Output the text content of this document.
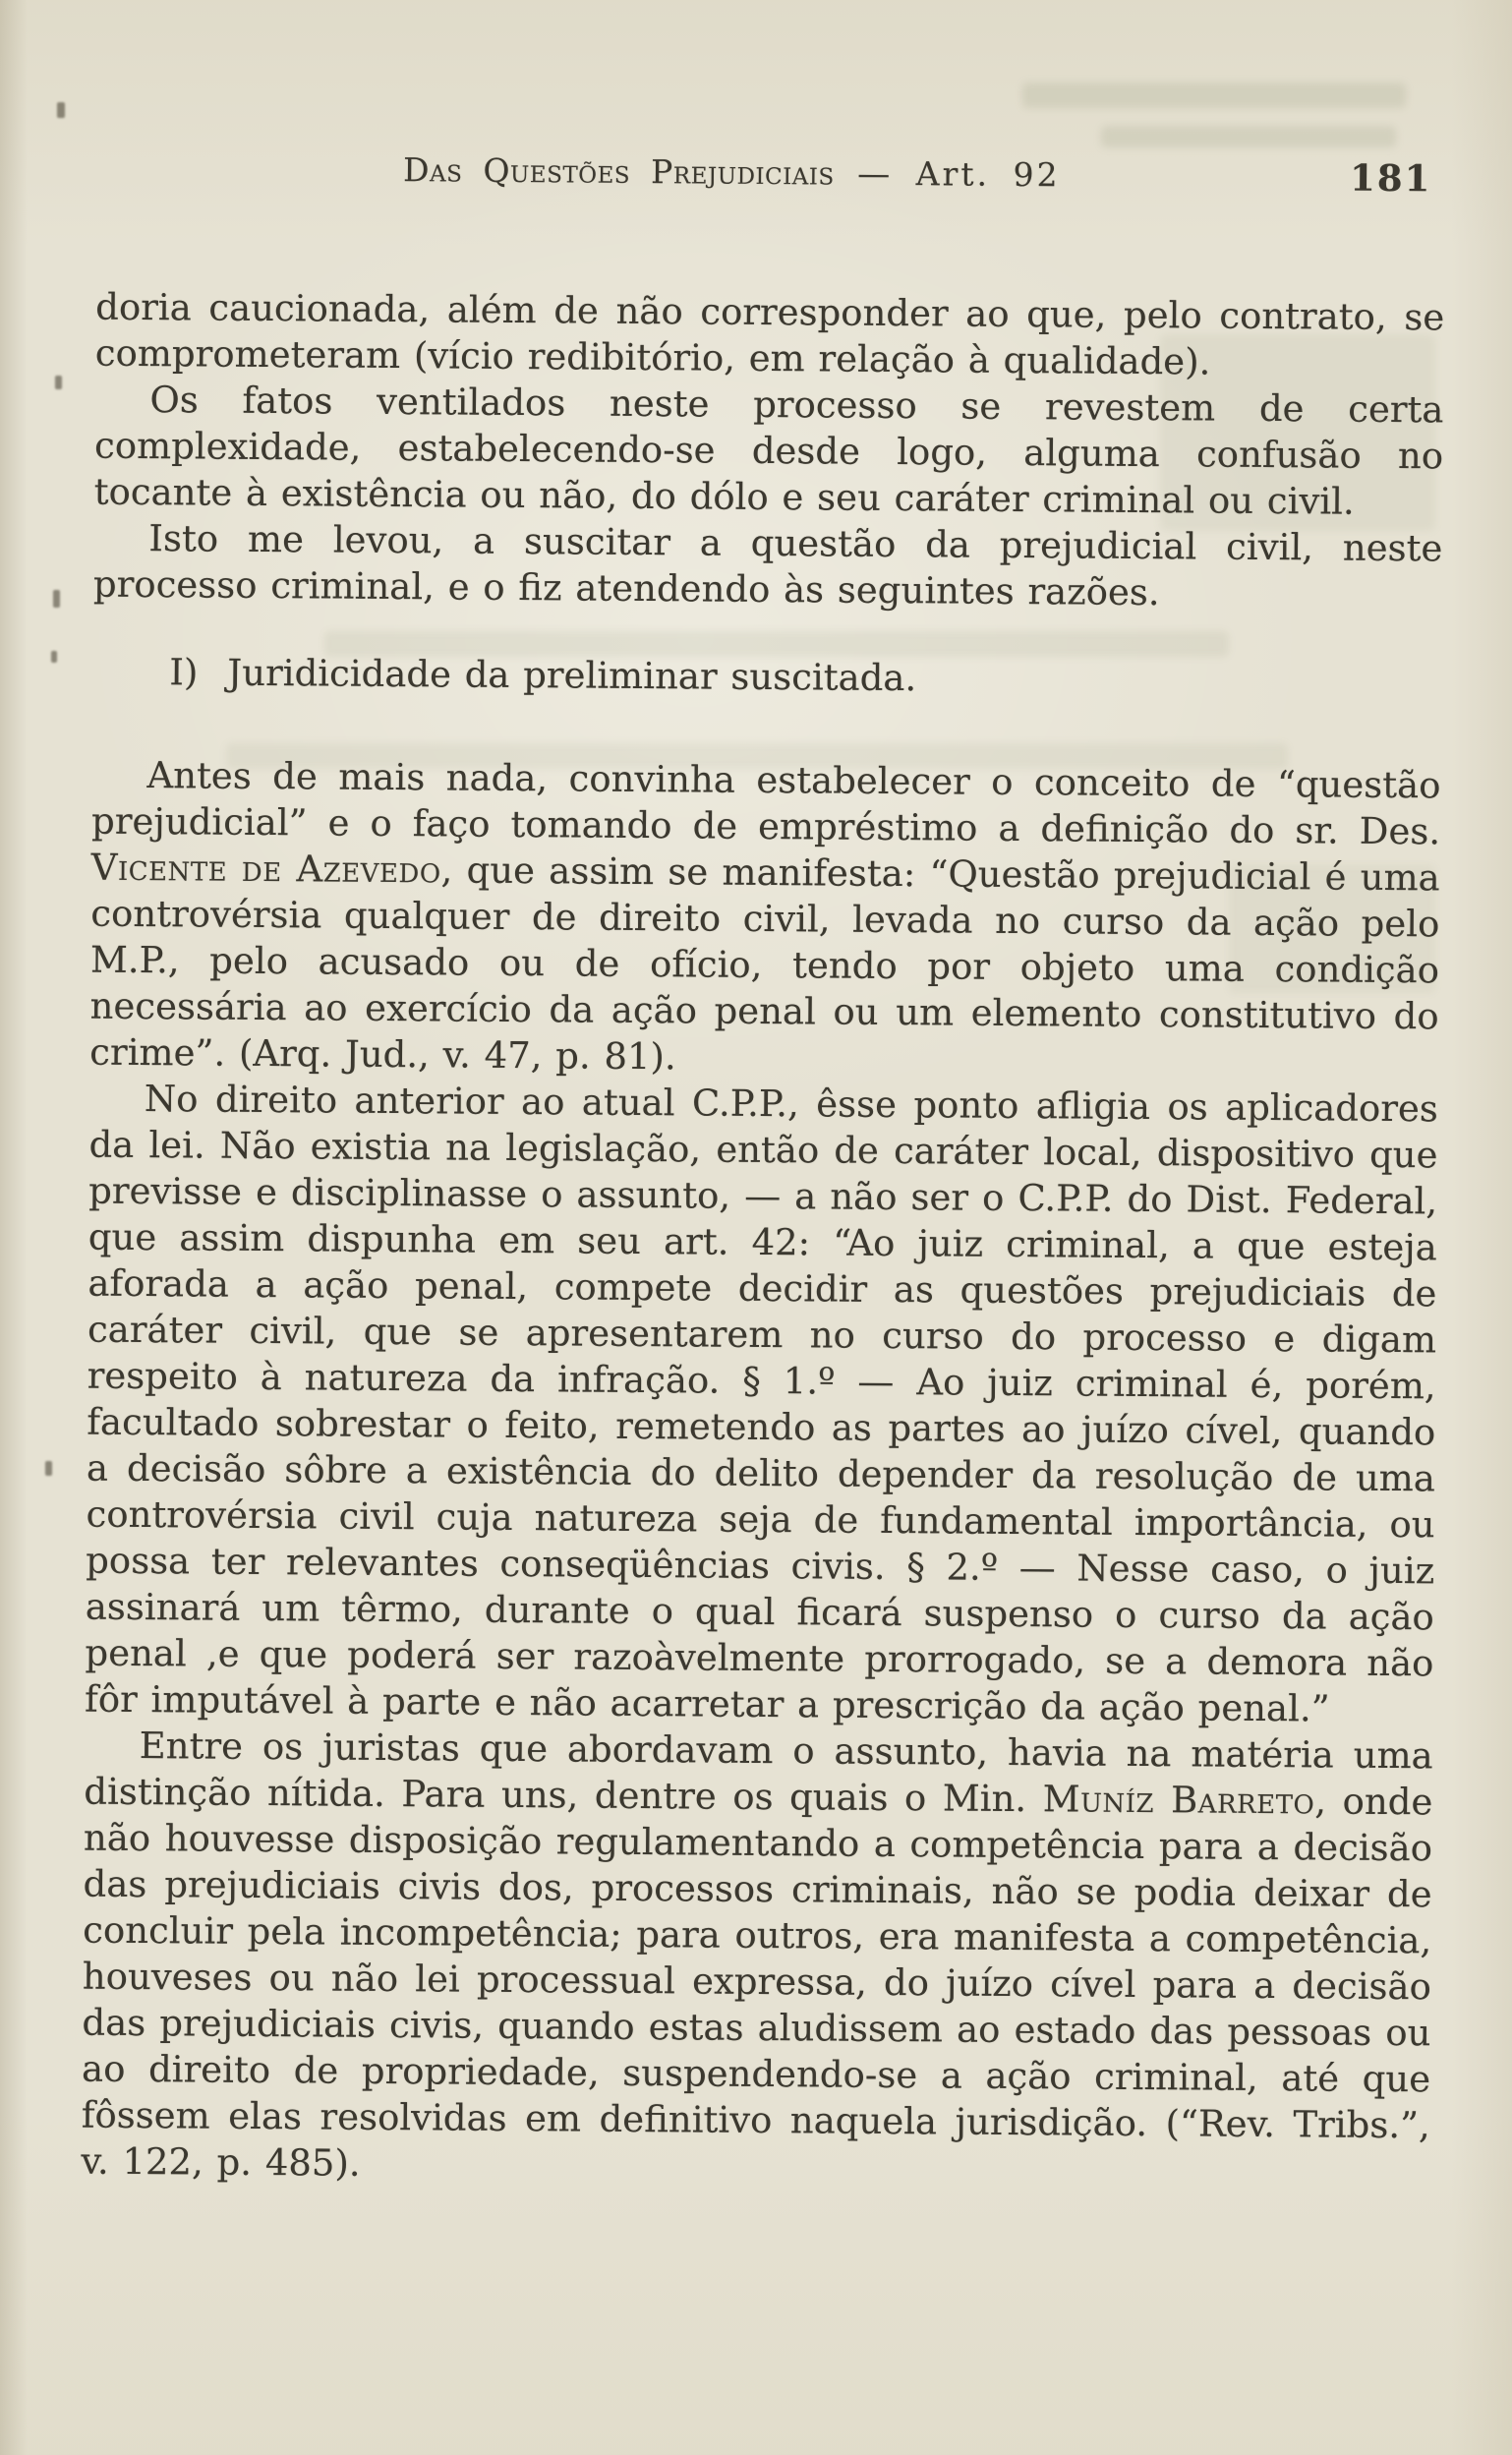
Das Questões Prejudiciais — Art. 92	181

doria caucionada, além de não corresponder ao que, pelo contrato, se comprometeram (vício redibitório, em relação à qualidade).

Os fatos ventilados neste processo se revestem de certa complexidade, estabelecendo-se desde logo, alguma confusão no tocante à existência ou não, do dólo e seu caráter criminal ou civil.

Isto me levou, a suscitar a questão da prejudicial civil, neste processo criminal, e o fiz atendendo às seguintes razões.

I) Juridicidade da preliminar suscitada.

Antes de mais nada, convinha estabelecer o conceito de “questão prejudicial” e o faço tomando de empréstimo a definição do sr. Des. Vicente de Azevedo, que assim se manifesta: “Questão prejudicial é uma controvérsia qualquer de direito civil, levada no curso da ação pelo M.P., pelo acusado ou de ofício, tendo por objeto uma condição necessária ao exercício da ação penal ou um elemento constitutivo do crime”. (Arq. Jud., v. 47, p. 81).

No direito anterior ao atual C.P.P., êsse ponto afligia os aplicadores da lei. Não existia na legislação, então de caráter local, dispositivo que previsse e disciplinasse o assunto, — a não ser o C.P.P. do Dist. Federal, que assim dispunha em seu art. 42: “Ao juiz criminal, a que esteja aforada a ação penal, compete decidir as questões prejudiciais de caráter civil, que se apresentarem no curso do processo e digam respeito à natureza da infração. § 1.º — Ao juiz criminal é, porém, facultado sobrestar o feito, remetendo as partes ao juízo cível, quando a decisão sôbre a existência do delito depender da resolução de uma controvérsia civil cuja natureza seja de fundamental importância, ou possa ter relevantes conseqüências civis. § 2.º — Nesse caso, o juiz assinará um têrmo, durante o qual ficará suspenso o curso da ação penal ,e que poderá ser razoàvelmente prorrogado, se a demora não fôr imputável à parte e não acarretar a prescrição da ação penal.”

Entre os juristas que abordavam o assunto, havia na matéria uma distinção nítida. Para uns, dentre os quais o Min. Muníz Barreto, onde não houvesse disposição regulamentando a competência para a decisão das prejudiciais civis dos, processos criminais, não se podia deixar de concluir pela incompetência; para outros, era manifesta a competência, houveses ou não lei processual expressa, do juízo cível para a decisão das prejudiciais civis, quando estas aludissem ao estado das pessoas ou ao direito de propriedade, suspendendo-se a ação criminal, até que fôssem elas resolvidas em definitivo naquela jurisdição. (“Rev. Tribs.”, v. 122, p. 485).
